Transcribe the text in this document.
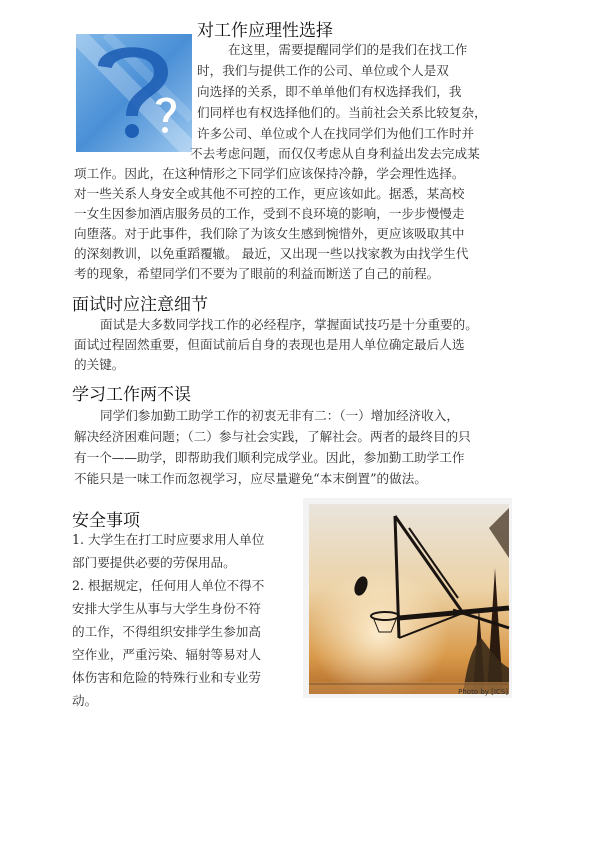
对工作应理性选择
在这里，需要提醒同学们的是我们在找工作
时，我们与提供工作的公司、单位或个人是双
向选择的关系，即不单单他们有权选择我们，我
们同样也有权选择他们的。当前社会关系比较复杂，
许多公司、单位或个人在找同学们为他们工作时并
不去考虑问题，而仅仅考虑从自身利益出发去完成某
项工作。因此，在这种情形之下同学们应该保持冷静，学会理性选择。
对一些关系人身安全或其他不可控的工作，更应该如此。据悉，某高校
一女生因参加酒店服务员的工作，受到不良环境的影响，一步步慢慢走
向堕落。对于此事件，我们除了为该女生感到惋惜外，更应该吸取其中
的深刻教训，以免重蹈覆辙。 最近，又出现一些以找家教为由找学生代
考的现象，希望同学们不要为了眼前的利益而断送了自己的前程。
面试时应注意细节
面试是大多数同学找工作的必经程序，掌握面试技巧是十分重要的。
面试过程固然重要，但面试前后自身的表现也是用人单位确定最后人选
的关键。
学习工作两不误
同学们参加勤工助学工作的初衷无非有二：（一）增加经济收入，
解决经济困难问题；（二）参与社会实践，了解社会。两者的最终目的只
有一个——助学，即帮助我们顺利完成学业。因此，参加勤工助学工作
不能只是一味工作而忽视学习，应尽量避免“本末倒置”的做法。
安全事项
1. 大学生在打工时应要求用人单位
部门要提供必要的劳保用品。
2. 根据规定，任何用人单位不得不
安排大学生从事与大学生身份不符
的工作，不得组织安排学生参加高
空作业，严重污染、辐射等易对人
体伤害和危险的特殊行业和专业劳
动。
Photo by [ICS]
